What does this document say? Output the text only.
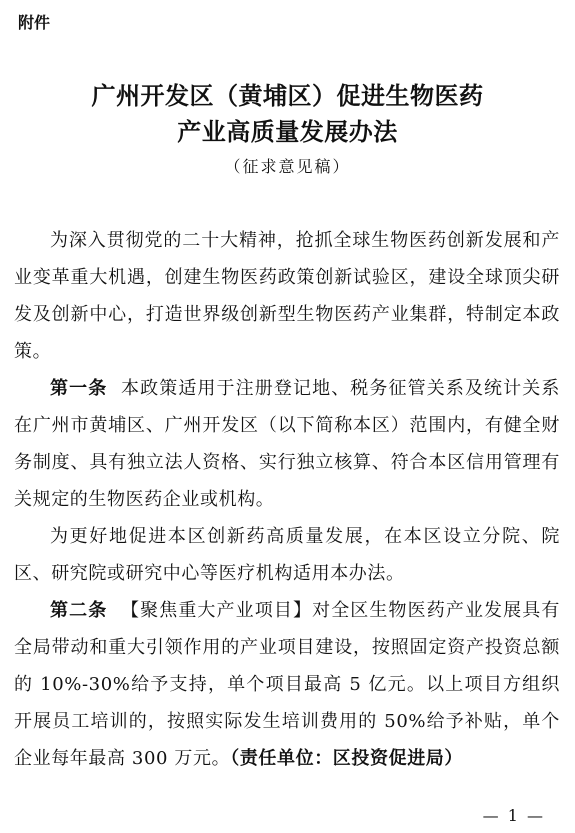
附件
广州开发区（黄埔区）促进生物医药
产业高质量发展办法
（征求意见稿）

为深入贯彻党的二十大精神，抢抓全球生物医药创新发展和产业变革重大机遇，创建生物医药政策创新试验区，建设全球顶尖研发及创新中心，打造世界级创新型生物医药产业集群，特制定本政策。

第一条 本政策适用于注册登记地、税务征管关系及统计关系在广州市黄埔区、广州开发区（以下简称本区）范围内，有健全财务制度、具有独立法人资格、实行独立核算、符合本区信用管理有关规定的生物医药企业或机构。

为更好地促进本区创新药高质量发展，在本区设立分院、院区、研究院或研究中心等医疗机构适用本办法。

第二条 【聚焦重大产业项目】对全区生物医药产业发展具有全局带动和重大引领作用的产业项目建设，按照固定资产投资总额的 10%-30%给予支持，单个项目最高 5 亿元。以上项目方组织开展员工培训的，按照实际发生培训费用的 50%给予补贴，单个企业每年最高 300 万元。（责任单位：区投资促进局）

— 1 —
